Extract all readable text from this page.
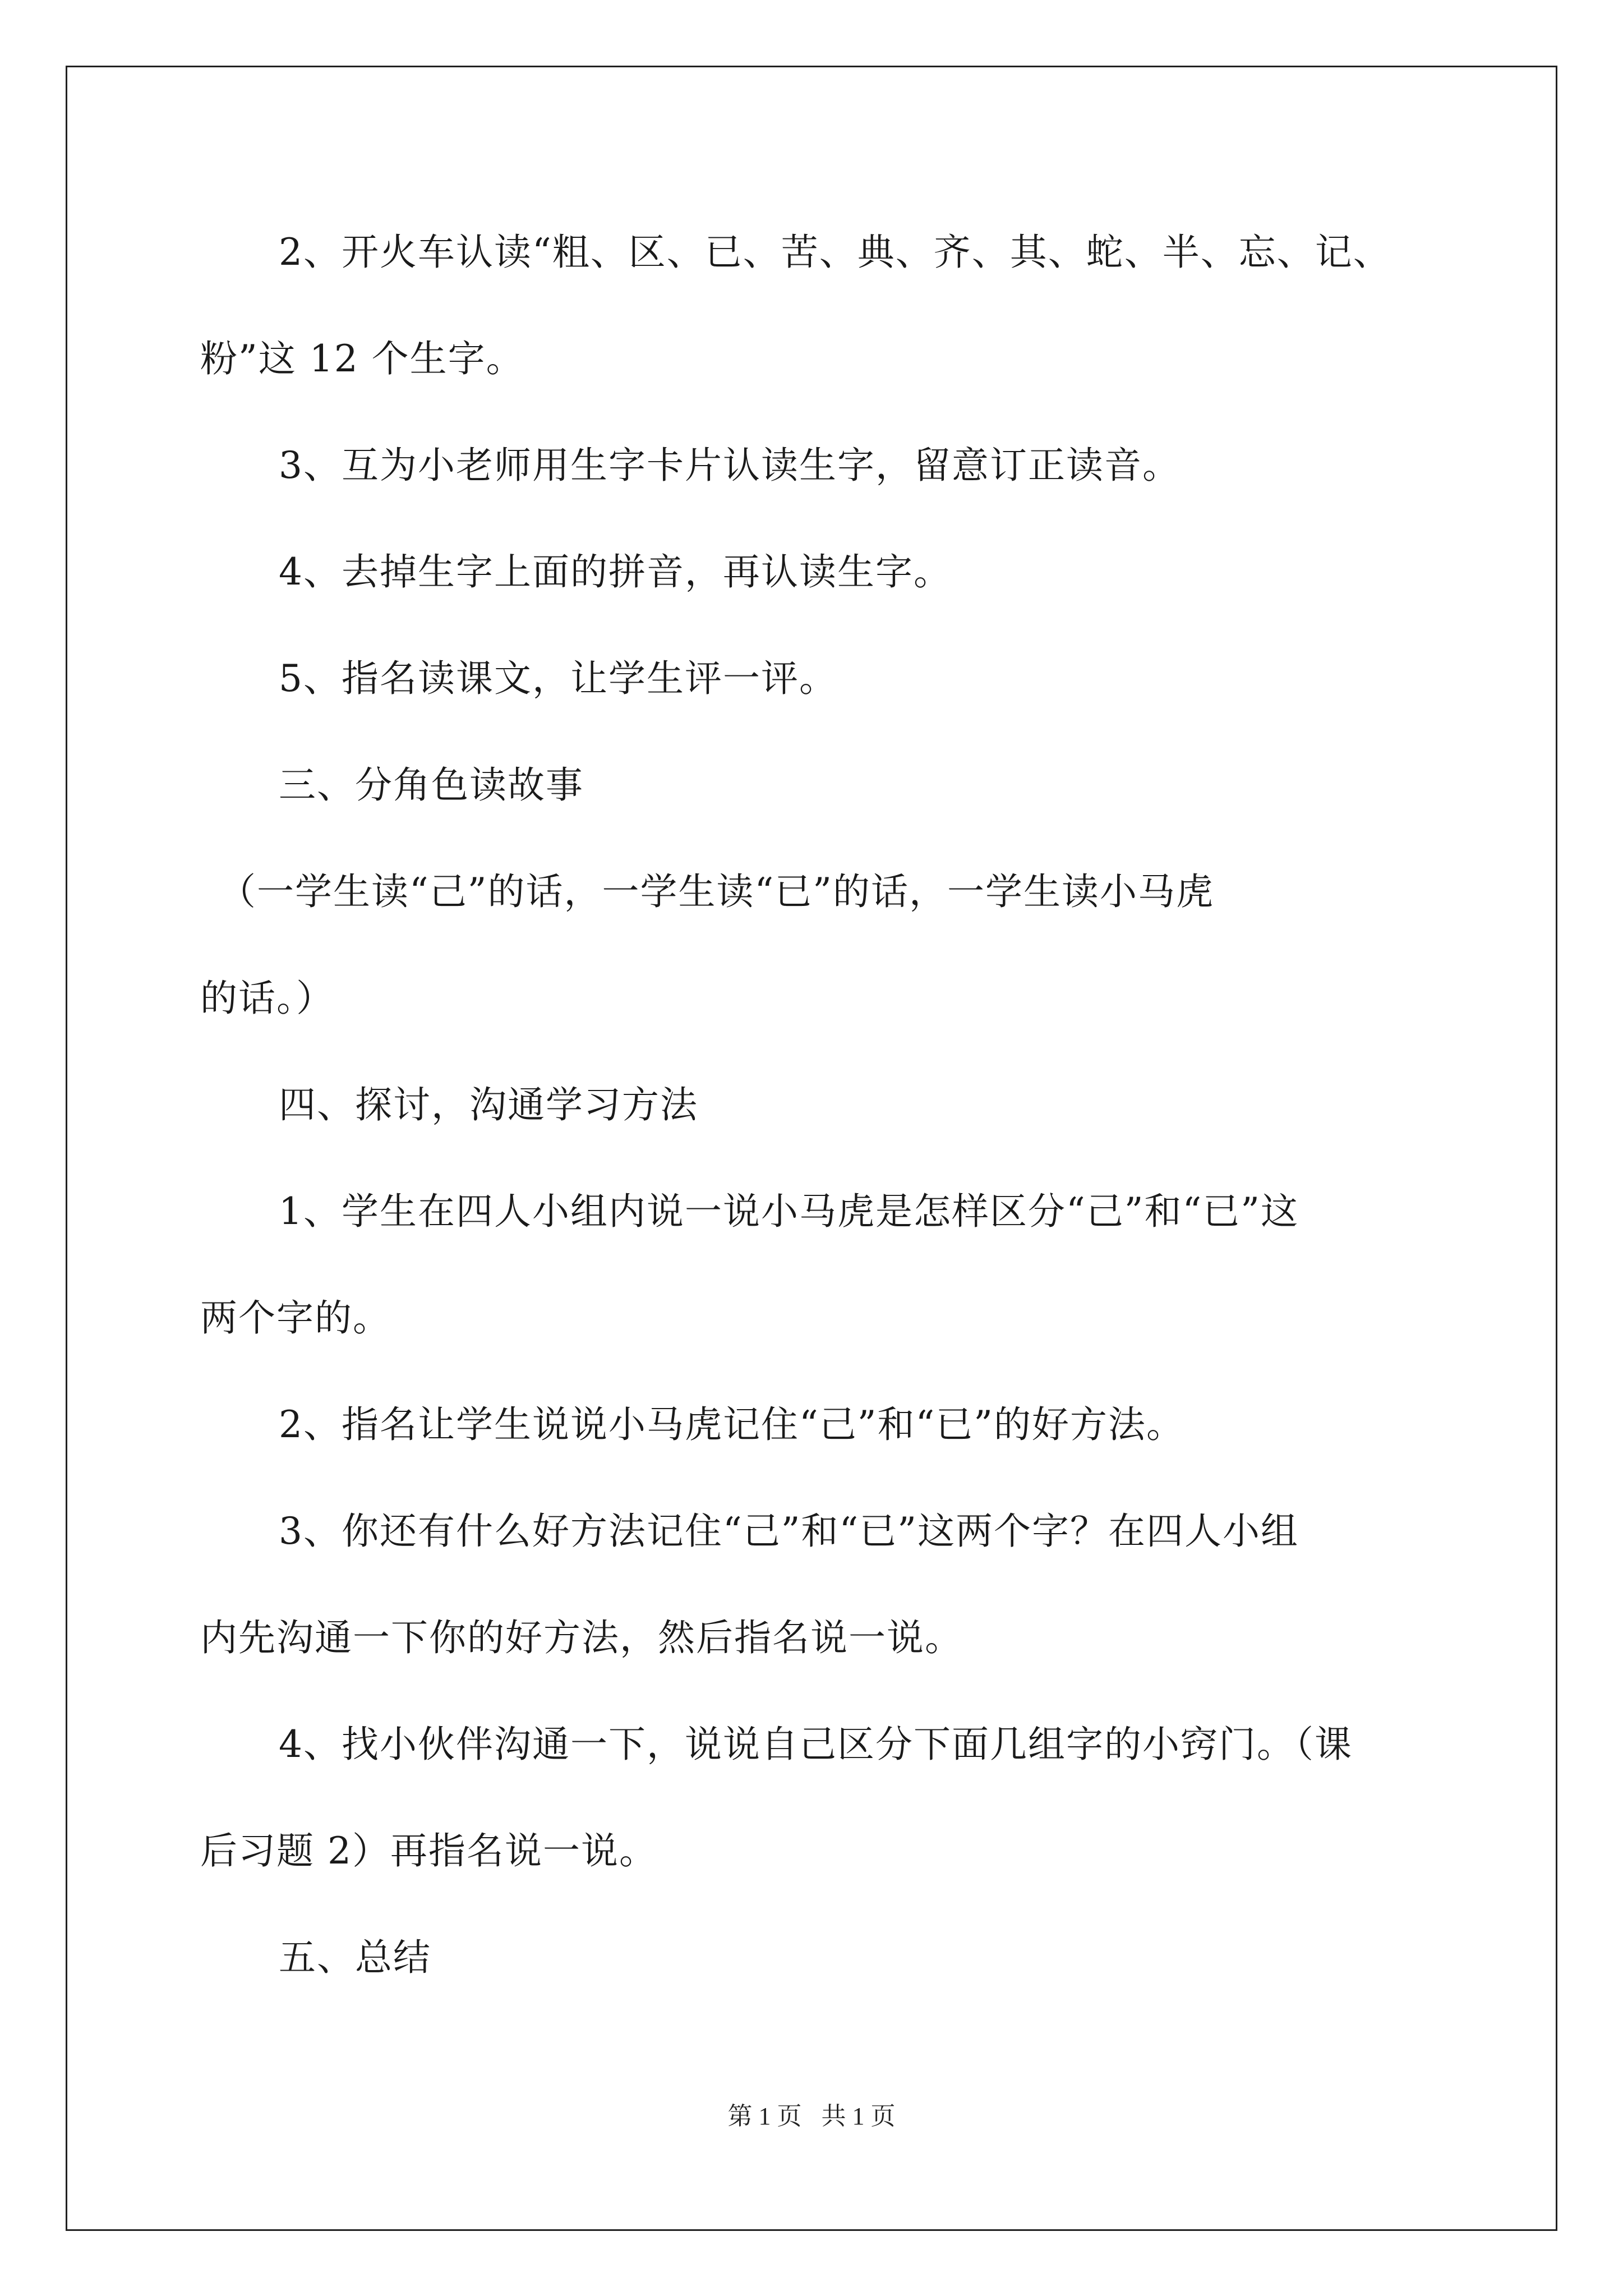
2、开火车认读“粗、区、已、苦、典、齐、其、蛇、半、忘、记、
粉”这 12 个生字。
3、互为小老师用生字卡片认读生字，留意订正读音。
4、去掉生字上面的拼音，再认读生字。
5、指名读课文，让学生评一评。
三、分角色读故事
（一学生读“己”的话，一学生读“已”的话，一学生读小马虎
的话。）
四、探讨，沟通学习方法
1、学生在四人小组内说一说小马虎是怎样区分“己”和“已”这
两个字的。
2、指名让学生说说小马虎记住“己”和“已”的好方法。
3、你还有什么好方法记住“己”和“已”这两个字？在四人小组
内先沟通一下你的好方法，然后指名说一说。
4、找小伙伴沟通一下，说说自己区分下面几组字的小窍门。（课
后习题 2）再指名说一说。
五、总结
第 1 页 共 1 页
